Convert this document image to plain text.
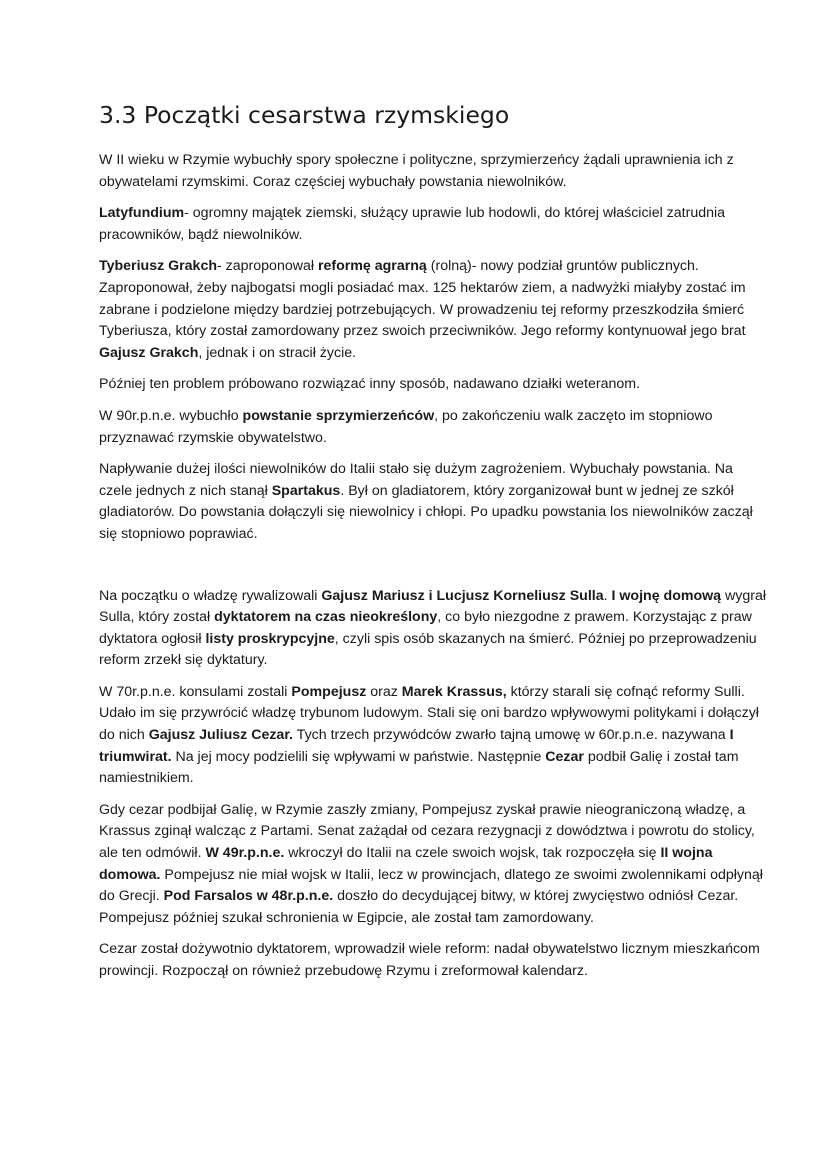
3.3 Początki cesarstwa rzymskiego

W II wieku w Rzymie wybuchły spory społeczne i polityczne, sprzymierzeńcy żądali uprawnienia ich z obywatelami rzymskimi. Coraz częściej wybuchały powstania niewolników.

Latyfundium- ogromny majątek ziemski, służący uprawie lub hodowli, do której właściciel zatrudnia pracowników, bądź niewolników.

Tyberiusz Grakch- zaproponował reformę agrarną (rolną)- nowy podział gruntów publicznych. Zaproponował, żeby najbogatsi mogli posiadać max. 125 hektarów ziem, a nadwyżki miałyby zostać im zabrane i podzielone między bardziej potrzebujących. W prowadzeniu tej reformy przeszkodziła śmierć Tyberiusza, który został zamordowany przez swoich przeciwników. Jego reformy kontynuował jego brat Gajusz Grakch, jednak i on stracił życie.

Później ten problem próbowano rozwiązać inny sposób, nadawano działki weteranom.

W 90r.p.n.e. wybuchło powstanie sprzymierzeńców, po zakończeniu walk zaczęto im stopniowo przyznawać rzymskie obywatelstwo.

Napływanie dużej ilości niewolników do Italii stało się dużym zagrożeniem. Wybuchały powstania. Na czele jednych z nich stanął Spartakus. Był on gladiatorem, który zorganizował bunt w jednej ze szkół gladiatorów. Do powstania dołączyli się niewolnicy i chłopi. Po upadku powstania los niewolników zaczął się stopniowo poprawiać.

Na początku o władzę rywalizowali Gajusz Mariusz i Lucjusz Korneliusz Sulla. I wojnę domową wygrał Sulla, który został dyktatorem na czas nieokreślony, co było niezgodne z prawem. Korzystając z praw dyktatora ogłosił listy proskrypcyjne, czyli spis osób skazanych na śmierć. Później po przeprowadzeniu reform zrzekł się dyktatury.

W 70r.p.n.e. konsulami zostali Pompejusz oraz Marek Krassus, którzy starali się cofnąć reformy Sulli. Udało im się przywrócić władzę trybunom ludowym. Stali się oni bardzo wpływowymi politykami i dołączył do nich Gajusz Juliusz Cezar. Tych trzech przywódców zwarło tajną umowę w 60r.p.n.e. nazywana I triumwirat. Na jej mocy podzielili się wpływami w państwie. Następnie Cezar podbił Galię i został tam namiestnikiem.

Gdy cezar podbijał Galię, w Rzymie zaszły zmiany, Pompejusz zyskał prawie nieograniczoną władzę, a Krassus zginął walcząc z Partami. Senat zażądał od cezara rezygnacji z dowództwa i powrotu do stolicy, ale ten odmówił. W 49r.p.n.e. wkroczył do Italii na czele swoich wojsk, tak rozpoczęła się II wojna domowa. Pompejusz nie miał wojsk w Italii, lecz w prowincjach, dlatego ze swoimi zwolennikami odpłynął do Grecji. Pod Farsalos w 48r.p.n.e. doszło do decydującej bitwy, w której zwycięstwo odniósł Cezar. Pompejusz później szukał schronienia w Egipcie, ale został tam zamordowany.

Cezar został dożywotnio dyktatorem, wprowadził wiele reform: nadał obywatelstwo licznym mieszkańcom prowincji. Rozpoczął on również przebudowę Rzymu i zreformował kalendarz.
